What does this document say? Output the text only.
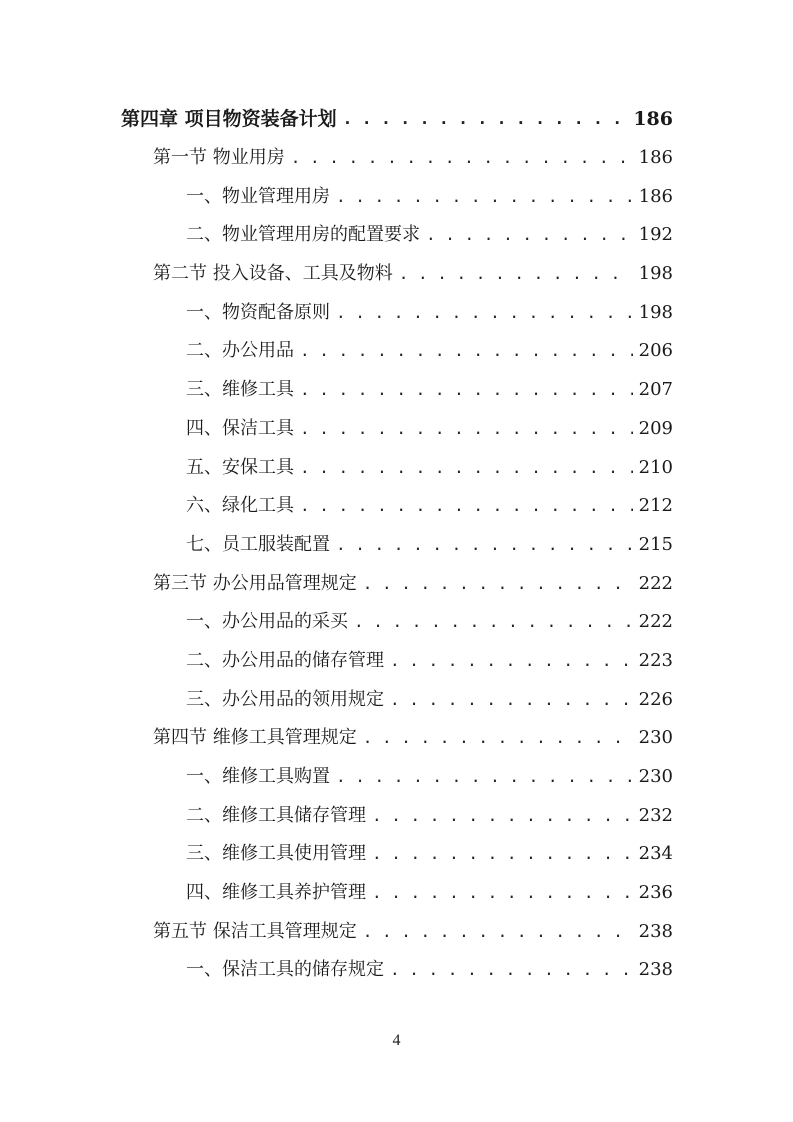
第四章 项目物资装备计划 . . .	186
第一节 物业用房 . . .	186
一、物业管理用房 . . .	186
二、物业管理用房的配置要求 . . .	192
第二节 投入设备、工具及物料 . . .	198
一、物资配备原则 . . .	198
二、办公用品 . . .	206
三、维修工具 . . .	207
四、保洁工具 . . .	209
五、安保工具 . . .	210
六、绿化工具 . . .	212
七、员工服装配置 . . .	215
第三节 办公用品管理规定 . . .	222
一、办公用品的采买 . . .	222
二、办公用品的储存管理 . . .	223
三、办公用品的领用规定 . . .	226
第四节 维修工具管理规定 . . .	230
一、维修工具购置 . . .	230
二、维修工具储存管理 . . .	232
三、维修工具使用管理 . . .	234
四、维修工具养护管理 . . .	236
第五节 保洁工具管理规定 . . .	238
一、保洁工具的储存规定 . . .	238
4
